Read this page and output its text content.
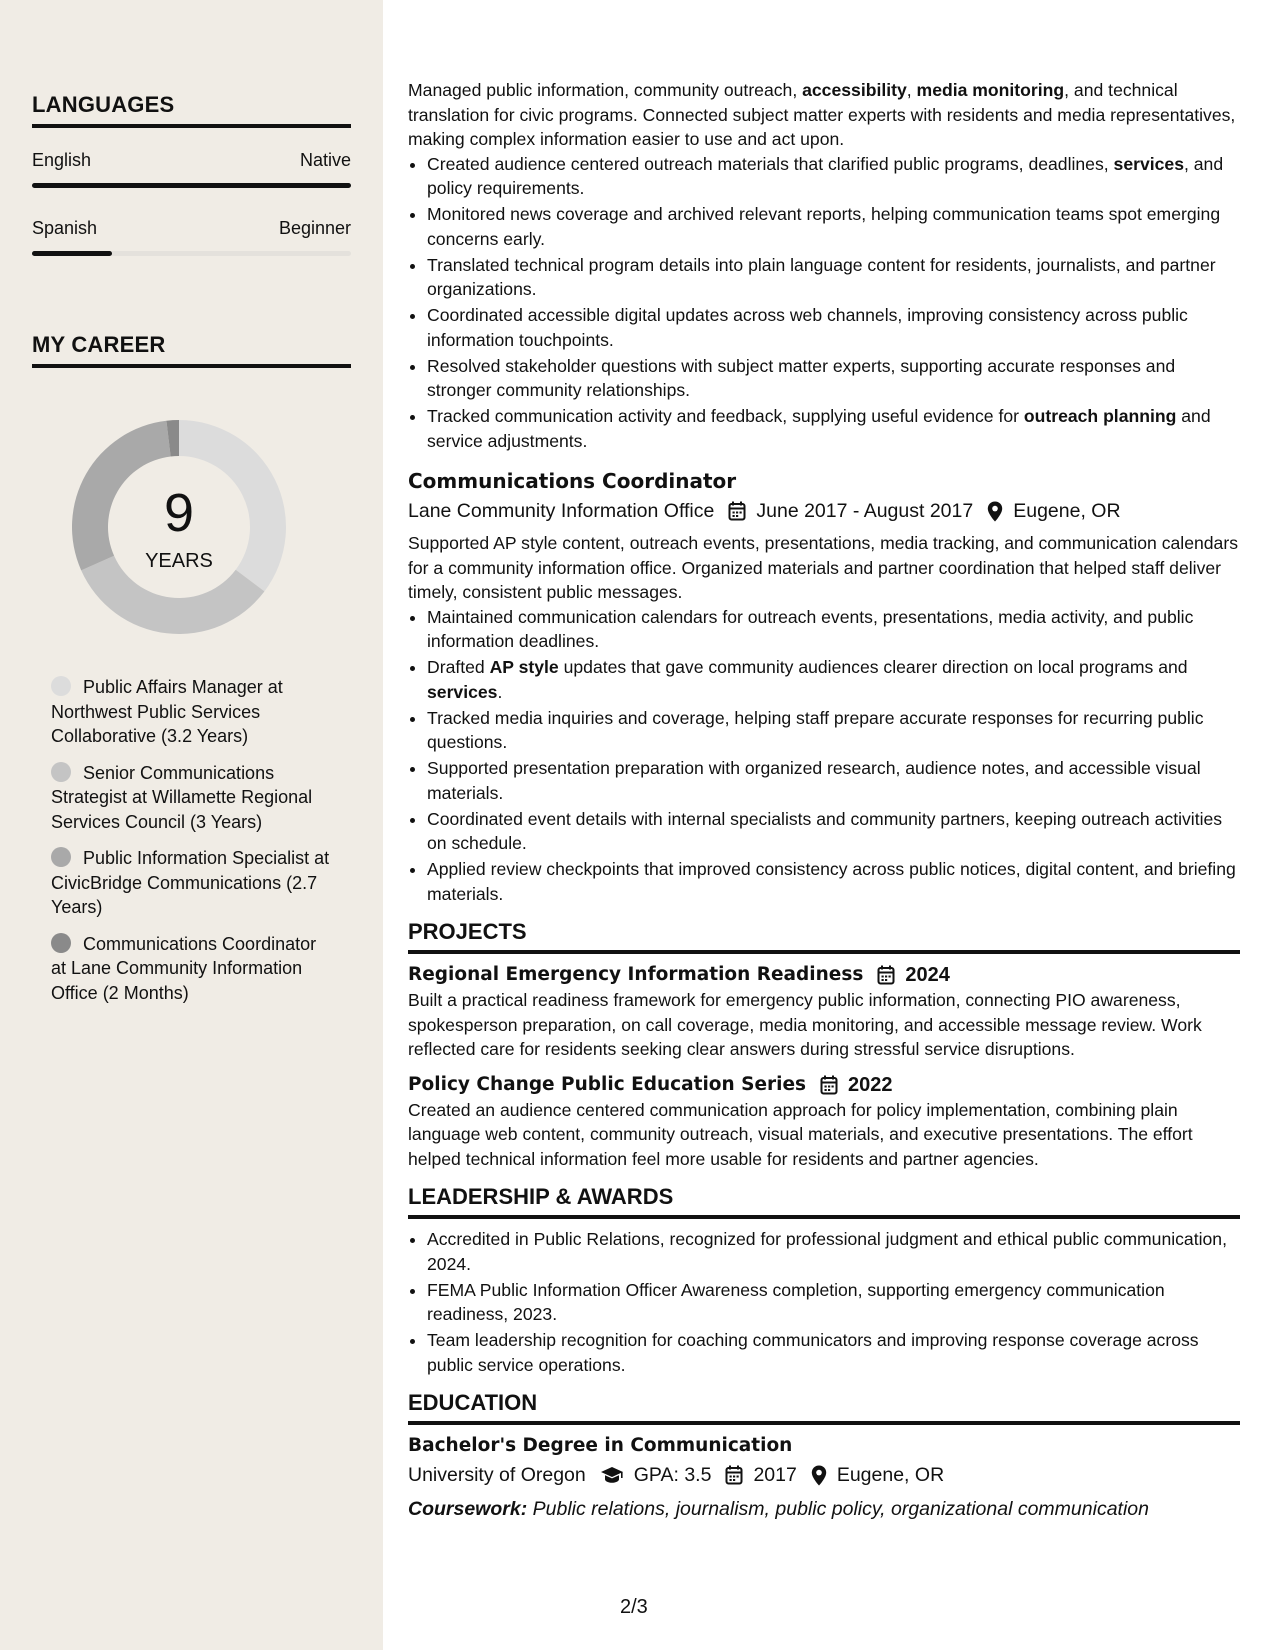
LANGUAGES
English	Native
Spanish	Beginner
MY CAREER
9
YEARS
Public Affairs Manager at Northwest Public Services Collaborative (3.2 Years)
Senior Communications Strategist at Willamette Regional Services Council (3 Years)
Public Information Specialist at CivicBridge Communications (2.7 Years)
Communications Coordinator at Lane Community Information Office (2 Months)

Managed public information, community outreach, accessibility, media monitoring, and technical translation for civic programs. Connected subject matter experts with residents and media representatives, making complex information easier to use and act upon.

• Created audience centered outreach materials that clarified public programs, deadlines, services, and policy requirements.
• Monitored news coverage and archived relevant reports, helping communication teams spot emerging concerns early.
• Translated technical program details into plain language content for residents, journalists, and partner organizations.
• Coordinated accessible digital updates across web channels, improving consistency across public information touchpoints.
• Resolved stakeholder questions with subject matter experts, supporting accurate responses and stronger community relationships.
• Tracked communication activity and feedback, supplying useful evidence for outreach planning and service adjustments.
Communications Coordinator
Lane Community Information Office June 2017 - August 2017 Eugene, OR

Supported AP style content, outreach events, presentations, media tracking, and communication calendars for a community information office. Organized materials and partner coordination that helped staff deliver timely, consistent public messages.

• Maintained communication calendars for outreach events, presentations, media activity, and public information deadlines.
• Drafted AP style updates that gave community audiences clearer direction on local programs and services.
• Tracked media inquiries and coverage, helping staff prepare accurate responses for recurring public questions.
• Supported presentation preparation with organized research, audience notes, and accessible visual materials.
• Coordinated event details with internal specialists and community partners, keeping outreach activities on schedule.
• Applied review checkpoints that improved consistency across public notices, digital content, and briefing materials.
PROJECTS
Regional Emergency Information Readiness 2024

Built a practical readiness framework for emergency public information, connecting PIO awareness, spokesperson preparation, on call coverage, media monitoring, and accessible message review. Work reflected care for residents seeking clear answers during stressful service disruptions.

Policy Change Public Education Series 2022

Created an audience centered communication approach for policy implementation, combining plain language web content, community outreach, visual materials, and executive presentations. The effort helped technical information feel more usable for residents and partner agencies.

LEADERSHIP & AWARDS
• Accredited in Public Relations, recognized for professional judgment and ethical public communication, 2024.
• FEMA Public Information Officer Awareness completion, supporting emergency communication readiness, 2023.
• Team leadership recognition for coaching communicators and improving response coverage across public service operations.
EDUCATION
Bachelor's Degree in Communication
University of Oregon GPA: 3.5 2017 Eugene, OR
Coursework: Public relations, journalism, public policy, organizational communication
2/3
